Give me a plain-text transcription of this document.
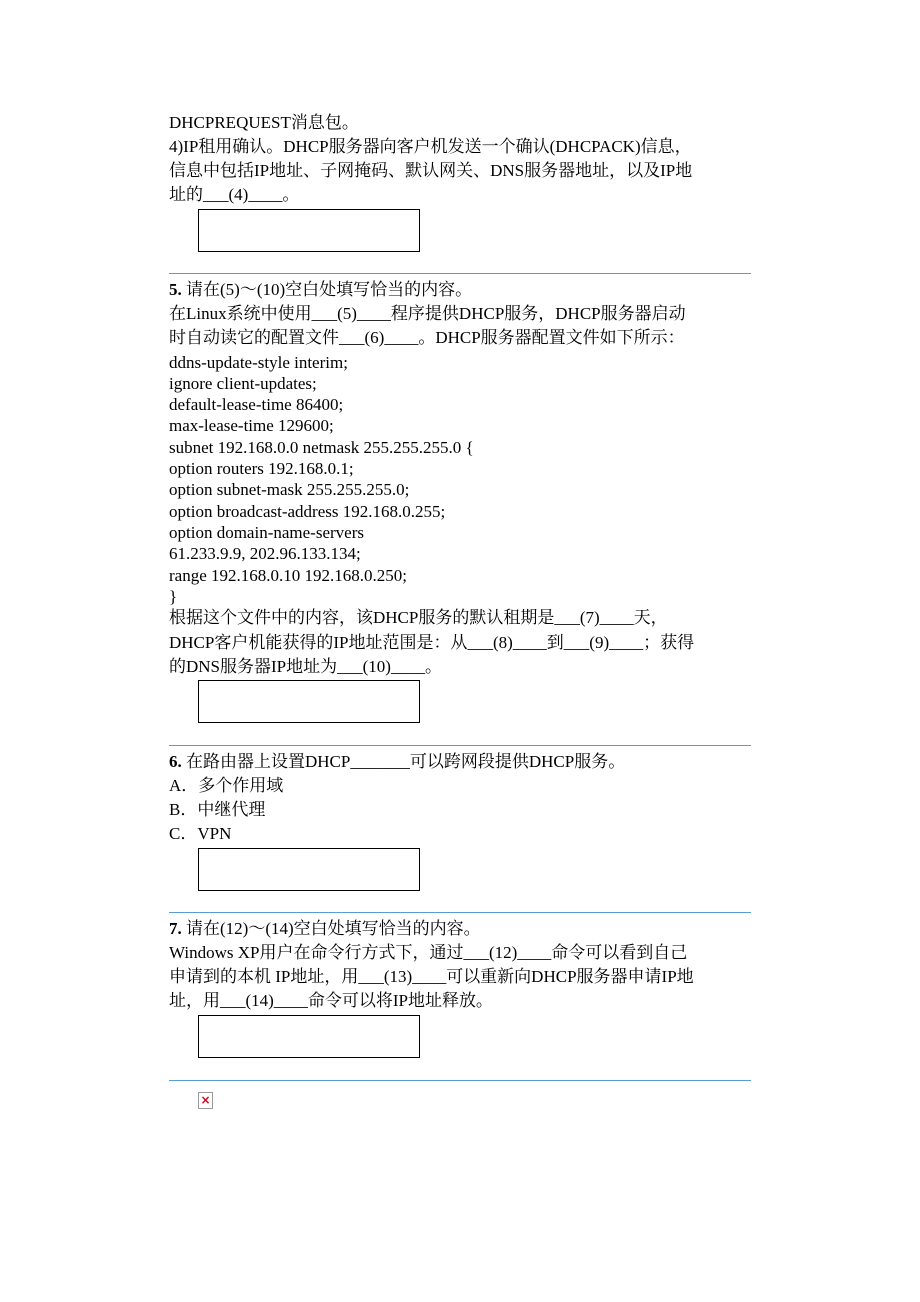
DHCPREQUEST消息包。
4)IP租用确认。DHCP服务器向客户机发送一个确认(DHCPACK)信息，
信息中包括IP地址、子网掩码、默认网关、DNS服务器地址，以及IP地
址的___(4)____。
5. 请在(5)～(10)空白处填写恰当的内容。
在Linux系统中使用___(5)____程序提供DHCP服务，DHCP服务器启动
时自动读它的配置文件___(6)____。DHCP服务器配置文件如下所示：
ddns-update-style interim;
ignore client-updates;
default-lease-time 86400;
max-lease-time 129600;
subnet 192.168.0.0 netmask 255.255.255.0 {
option routers 192.168.0.1;
option subnet-mask 255.255.255.0;
option broadcast-address 192.168.0.255;
option domain-name-servers
61.233.9.9, 202.96.133.134;
range 192.168.0.10 192.168.0.250;
}
根据这个文件中的内容，该DHCP服务的默认租期是___(7)____天，
DHCP客户机能获得的IP地址范围是：从___(8)____到___(9)____；获得
的DNS服务器IP地址为___(10)____。
6. 在路由器上设置DHCP_______可以跨网段提供DHCP服务。
A．多个作用域
B．中继代理
C．VPN
7. 请在(12)～(14)空白处填写恰当的内容。
Windows XP用户在命令行方式下，通过___(12)____命令可以看到自己
申请到的本机 IP地址，用___(13)____可以重新向DHCP服务器申请IP地
址，用___(14)____命令可以将IP地址释放。
×
